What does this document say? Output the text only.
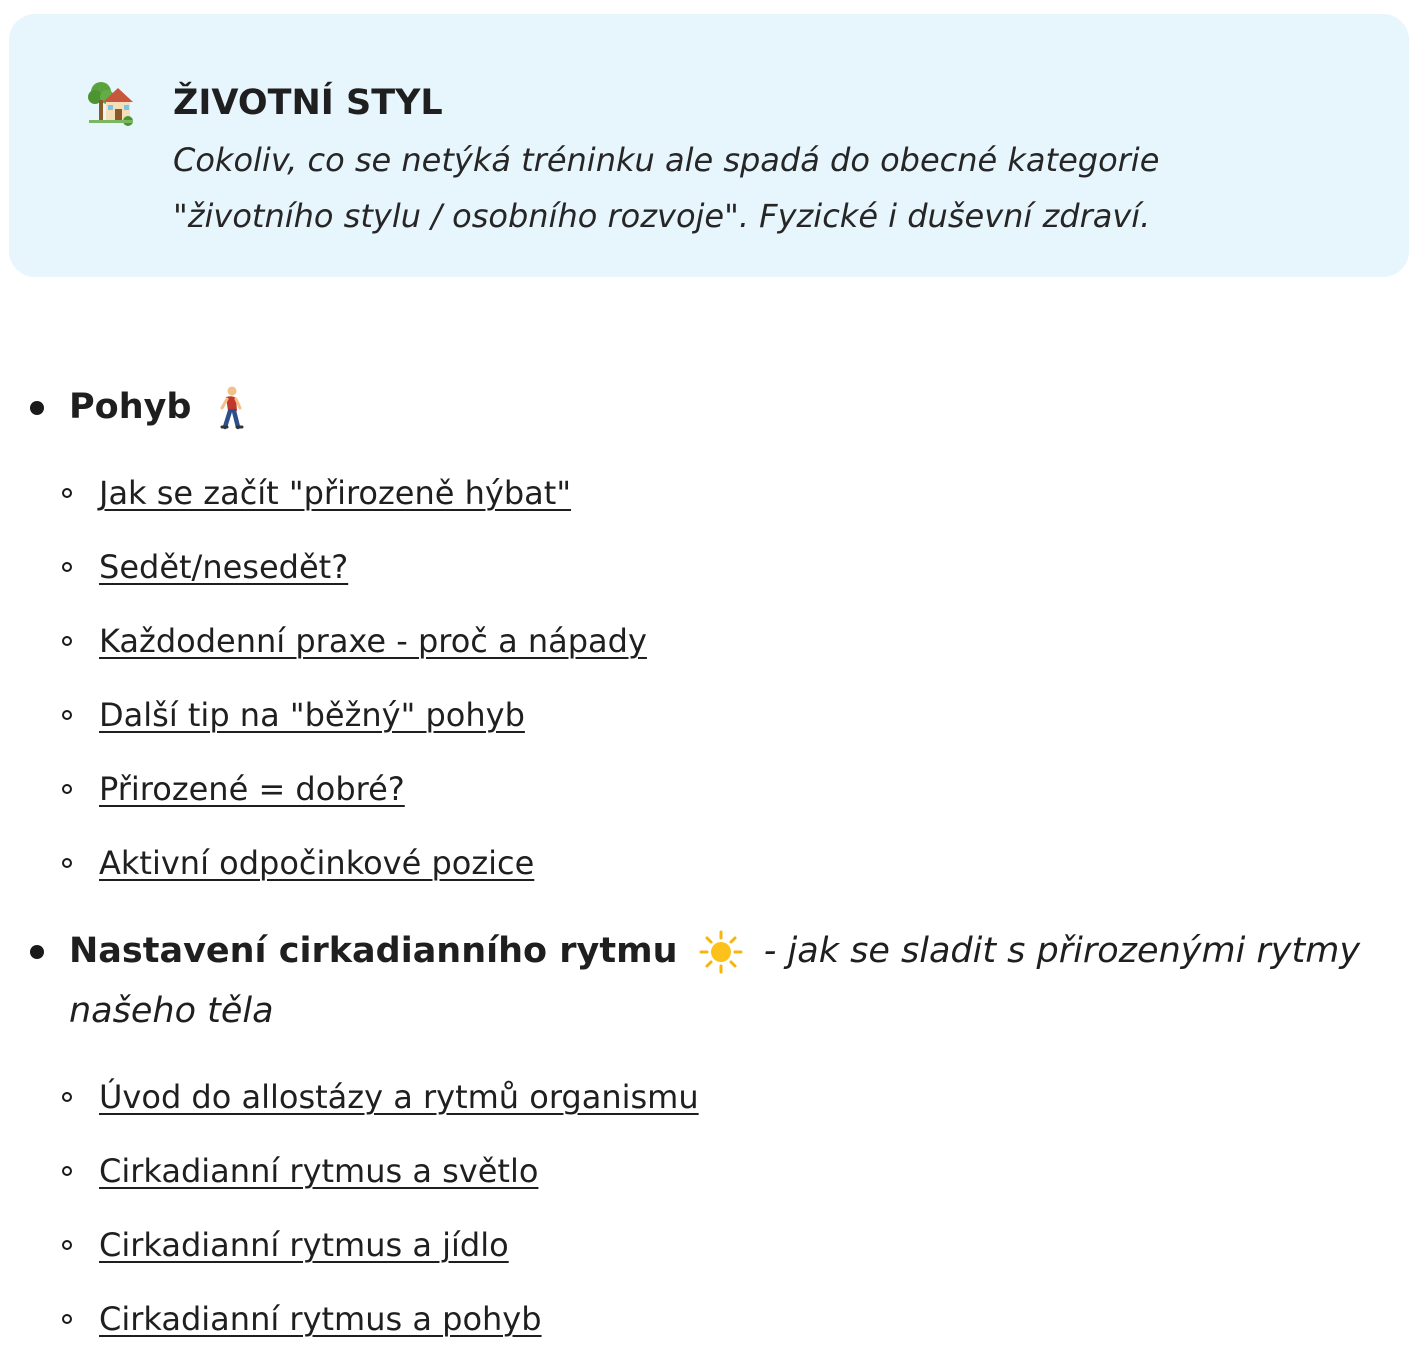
ŽIVOTNÍ STYL
Cokoliv, co se netýká tréninku ale spadá do obecné kategorie
"životního stylu / osobního rozvoje". Fyzické i duševní zdraví.
Pohyb
Jak se začít "přirozeně hýbat"
Sedět/nesedět?
Každodenní praxe - proč a nápady
Další tip na "běžný" pohyb
Přirozené = dobré?
Aktivní odpočinkové pozice
Nastavení cirkadianního rytmu - jak se sladit s přirozenými rytmy
našeho těla
Úvod do allostázy a rytmů organismu
Cirkadianní rytmus a světlo
Cirkadianní rytmus a jídlo
Cirkadianní rytmus a pohyb
